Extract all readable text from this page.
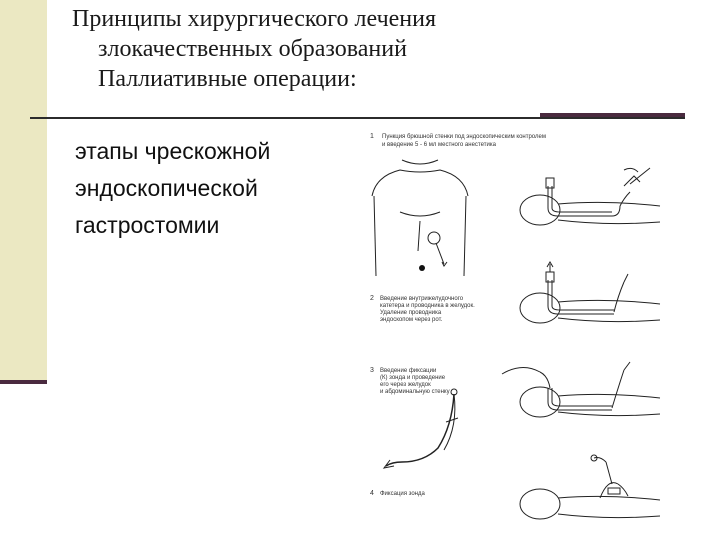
Принципы хирургического лечения
злокачественных образований
Паллиативные операции:
этапы чрескожной
эндоскопической
гастростомии
1 Пункция брюшной стенки под эндоскопическим контролем
и введение 5 - 6 мл местного анестетика
2 Введение внутрижелудочного
катетера и проводника в желудок.
Удаление проводника
эндоскопом через рот.
3 Введение фиксации
(К) зонда и проведение
его через желудок
и абдоминальную стенку
4 Фиксация зонда
